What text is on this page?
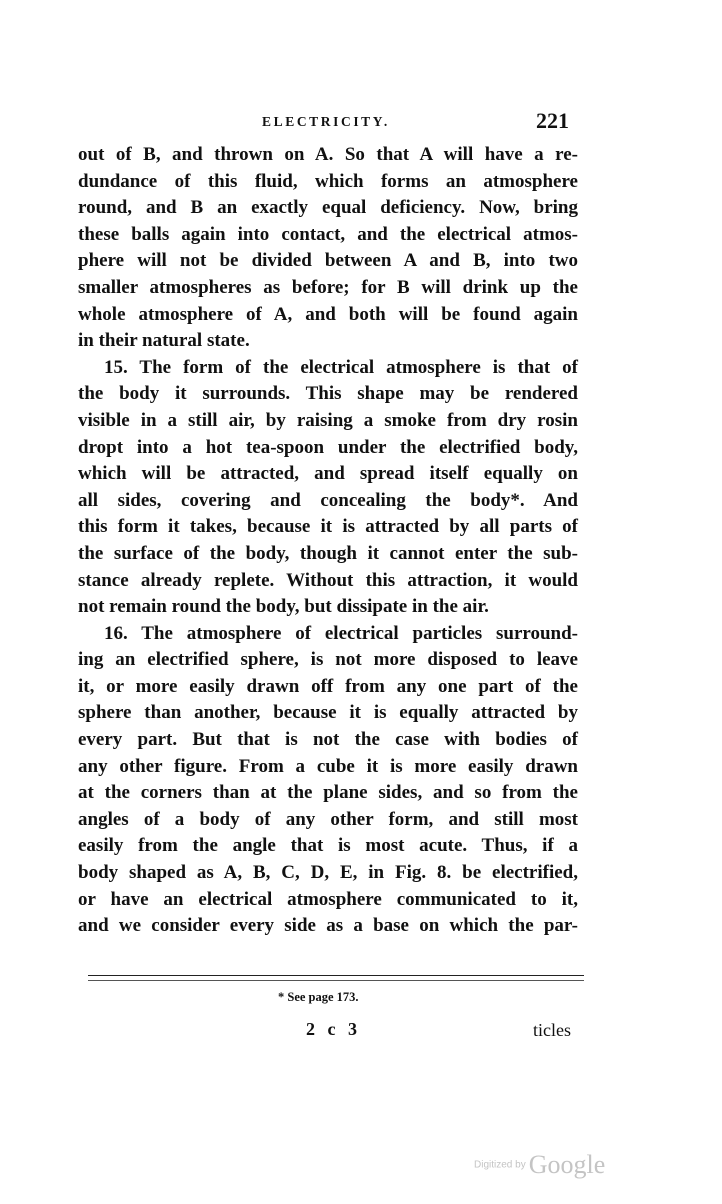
ELECTRICITY.	221
out of B, and thrown on A. So that A will have a re-
dundance of this fluid, which forms an atmosphere
round, and B an exactly equal deficiency. Now, bring
these balls again into contact, and the electrical atmos-
phere will not be divided between A and B, into two
smaller atmospheres as before; for B will drink up the
whole atmosphere of A, and both will be found again
in their natural state.
15. The form of the electrical atmosphere is that of
the body it surrounds. This shape may be rendered
visible in a still air, by raising a smoke from dry rosin
dropt into a hot tea-spoon under the electrified body,
which will be attracted, and spread itself equally on
all sides, covering and concealing the body*. And
this form it takes, because it is attracted by all parts of
the surface of the body, though it cannot enter the sub-
stance already replete. Without this attraction, it would
not remain round the body, but dissipate in the air.
16. The atmosphere of electrical particles surround-
ing an electrified sphere, is not more disposed to leave
it, or more easily drawn off from any one part of the
sphere than another, because it is equally attracted by
every part. But that is not the case with bodies of
any other figure. From a cube it is more easily drawn
at the corners than at the plane sides, and so from the
angles of a body of any other form, and still most
easily from the angle that is most acute. Thus, if a
body shaped as A, B, C, D, E, in Fig. 8. be electrified,
or have an electrical atmosphere communicated to it,
and we consider every side as a base on which the par-
* See page 173.
2 c 3	ticles
Digitized by Google
